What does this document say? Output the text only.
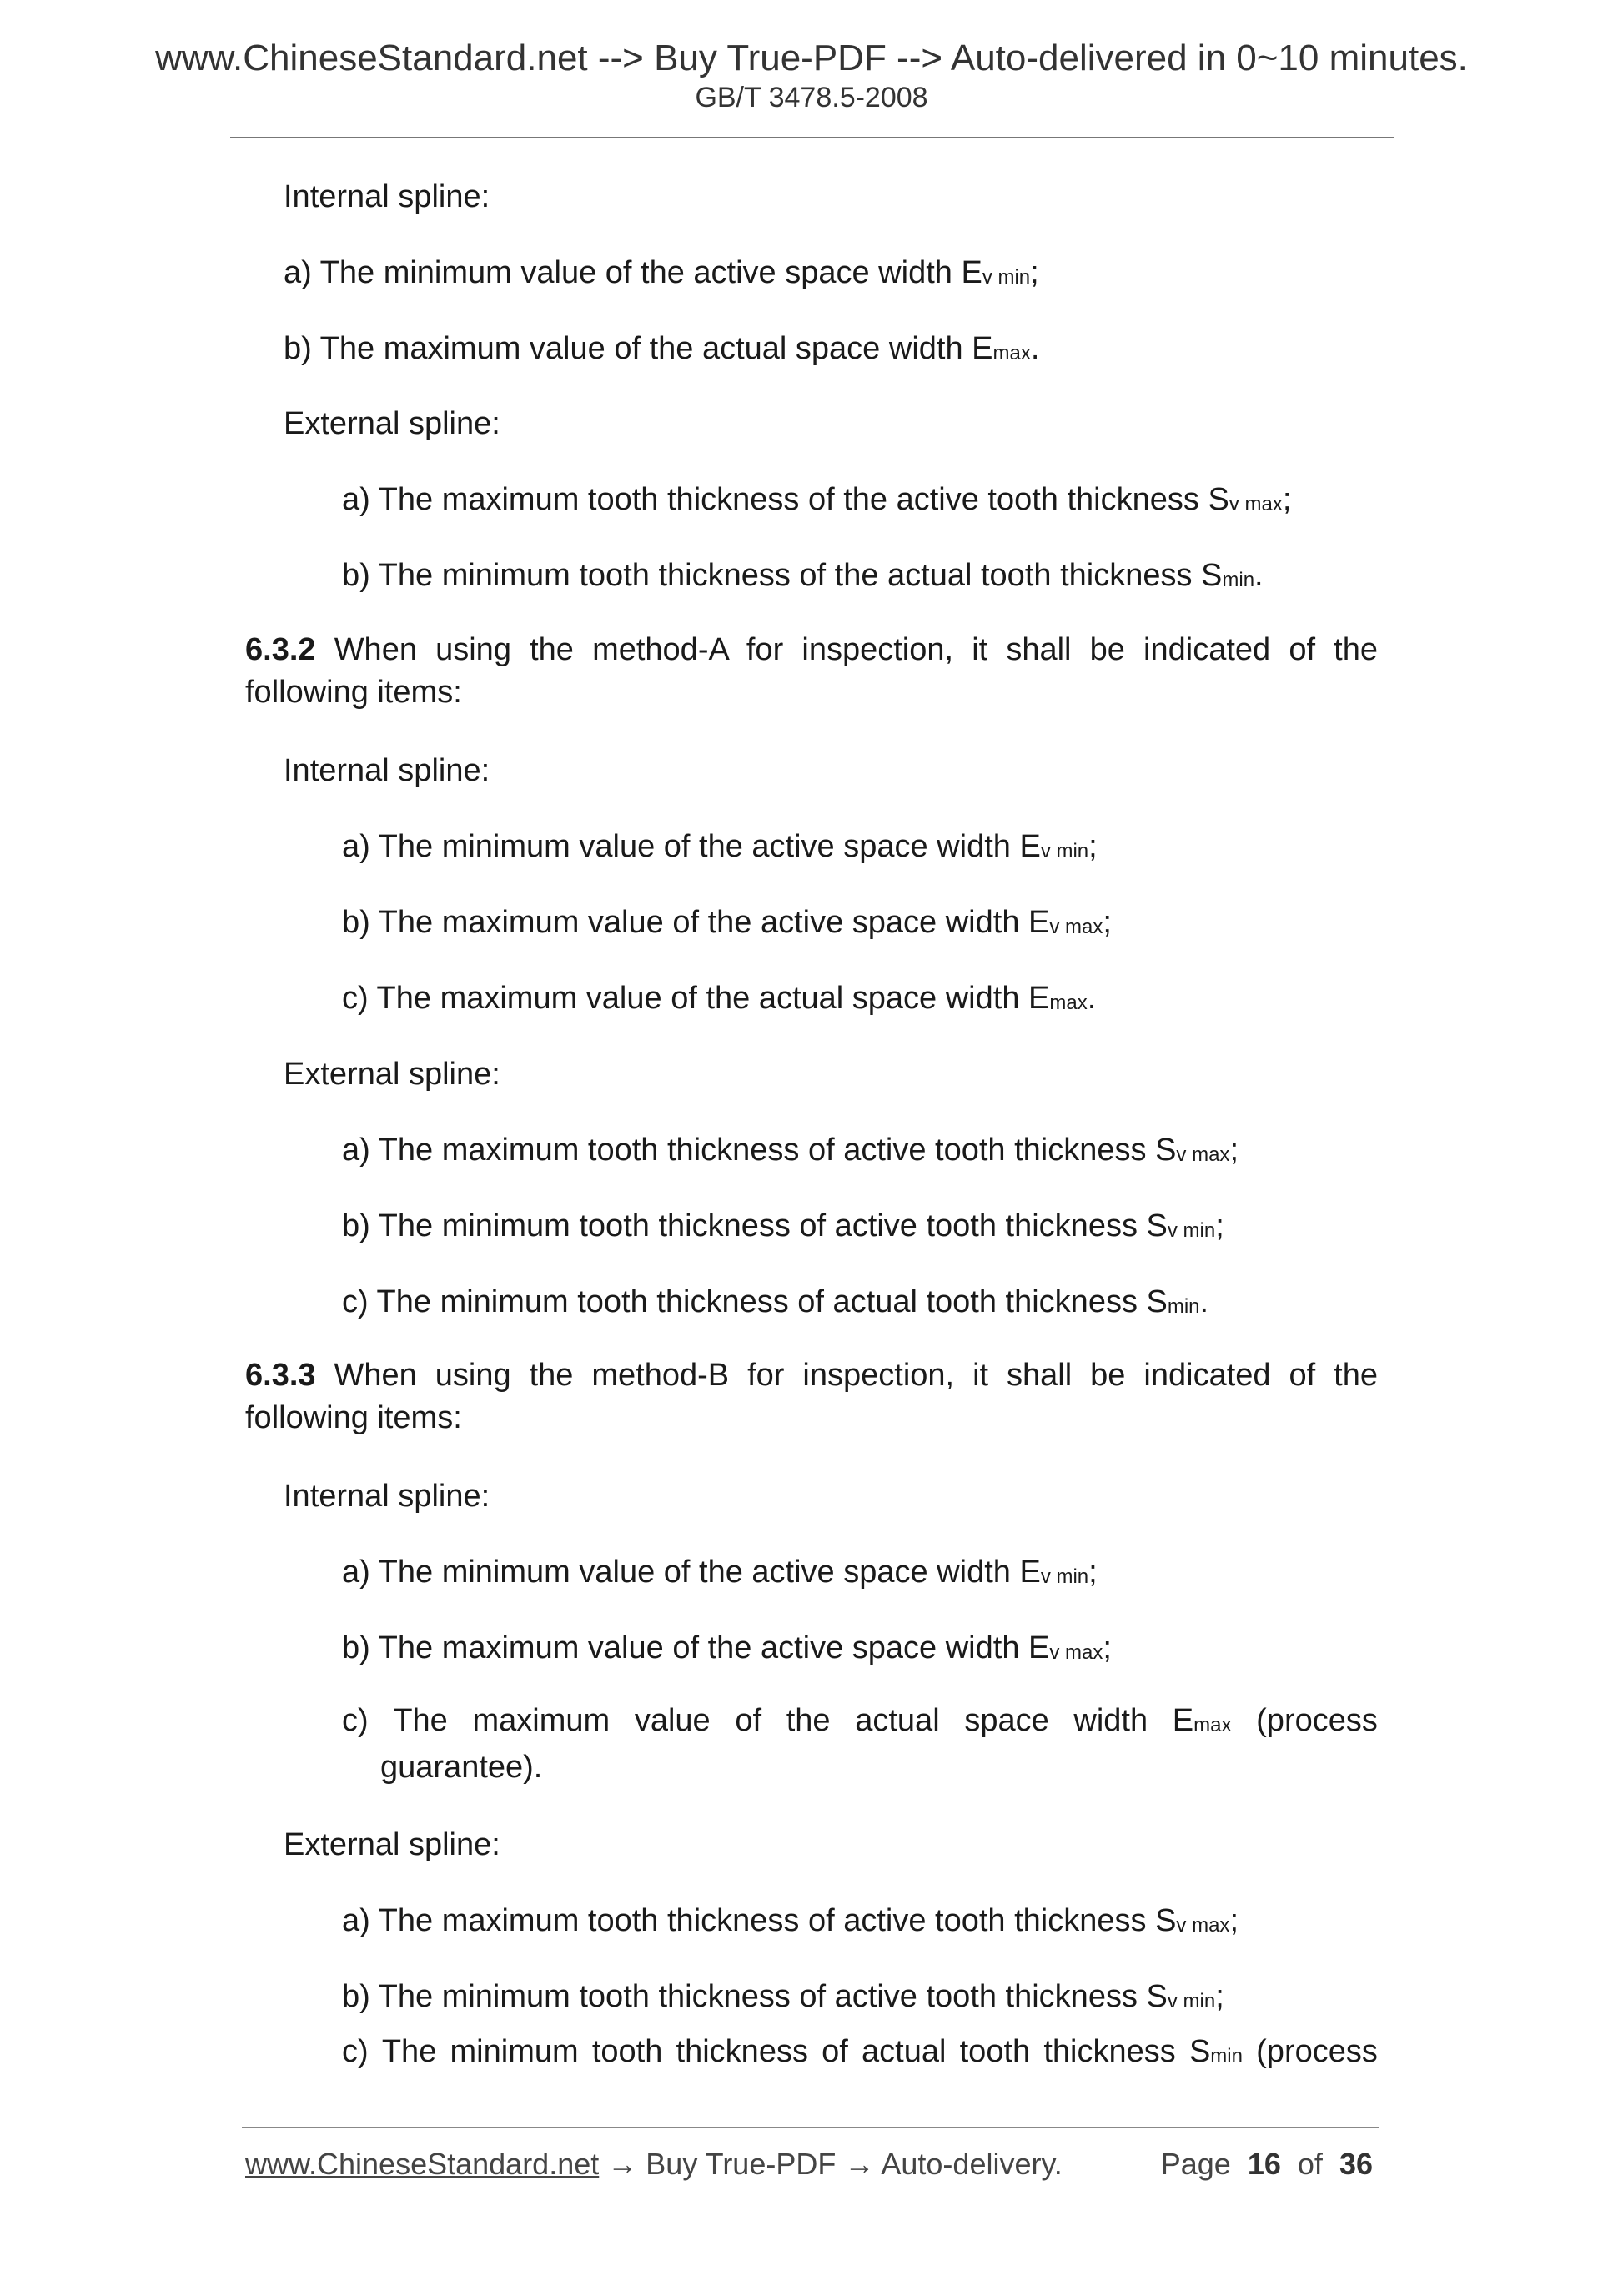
www.ChineseStandard.net --> Buy True-PDF --> Auto-delivered in 0~10 minutes.
GB/T 3478.5-2008
Internal spline:
a) The minimum value of the active space width $E_{v min}$;
b) The maximum value of the actual space width $E_{max}$.
External spline:
a) The maximum tooth thickness of the active tooth thickness $S_{v max}$;
b) The minimum tooth thickness of the actual tooth thickness $S_{min}$.
6.3.2 When using the method-A for inspection, it shall be indicated of the following items:
Internal spline:
a) The minimum value of the active space width $E_{v min}$;
b) The maximum value of the active space width $E_{v max}$;
c) The maximum value of the actual space width $E_{max}$.
External spline:
a) The maximum tooth thickness of active tooth thickness $S_{v max}$;
b) The minimum tooth thickness of active tooth thickness $S_{v min}$;
c) The minimum tooth thickness of actual tooth thickness $S_{min}$.
6.3.3 When using the method-B for inspection, it shall be indicated of the following items:
Internal spline:
a) The minimum value of the active space width $E_{v min}$;
b) The maximum value of the active space width $E_{v max}$;
c) The maximum value of the actual space width $E_{max}$ (process
guarantee).
External spline:
a) The maximum tooth thickness of active tooth thickness $S_{v max}$;
b) The minimum tooth thickness of active tooth thickness $S_{v min}$;
c) The minimum tooth thickness of actual tooth thickness $S_{min}$ (process
www.ChineseStandard.net → Buy True-PDF → Auto-delivery.	Page 16 of 36
